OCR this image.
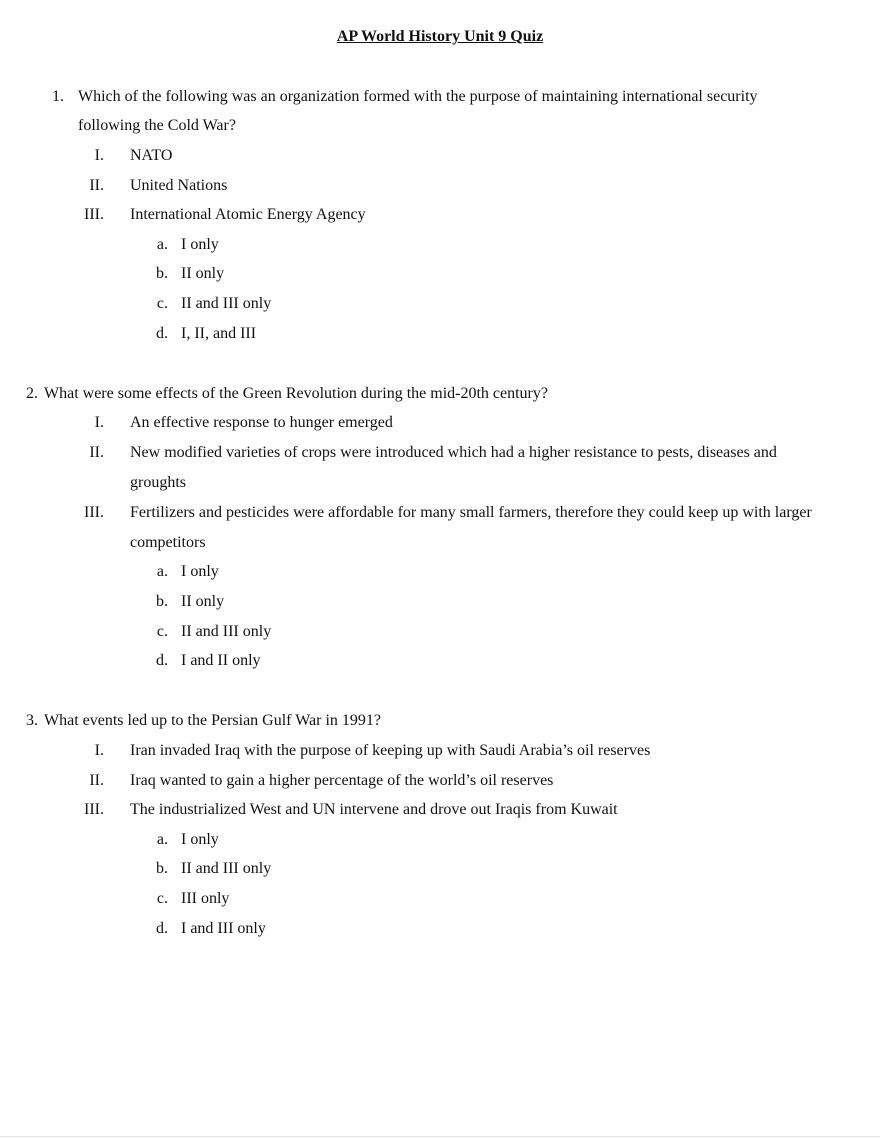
AP World History Unit 9 Quiz
1. Which of the following was an organization formed with the purpose of maintaining international security
following the Cold War?
I. NATO
II. United Nations
III. International Atomic Energy Agency
a. I only
b. II only
c. II and III only
d. I, II, and III
2. What were some effects of the Green Revolution during the mid-20th century?
I. An effective response to hunger emerged
II. New modified varieties of crops were introduced which had a higher resistance to pests, diseases and
groughts
III. Fertilizers and pesticides were affordable for many small farmers, therefore they could keep up with larger
competitors
a. I only
b. II only
c. II and III only
d. I and II only
3. What events led up to the Persian Gulf War in 1991?
I. Iran invaded Iraq with the purpose of keeping up with Saudi Arabia’s oil reserves
II. Iraq wanted to gain a higher percentage of the world’s oil reserves
III. The industrialized West and UN intervene and drove out Iraqis from Kuwait
a. I only
b. II and III only
c. III only
d. I and III only
